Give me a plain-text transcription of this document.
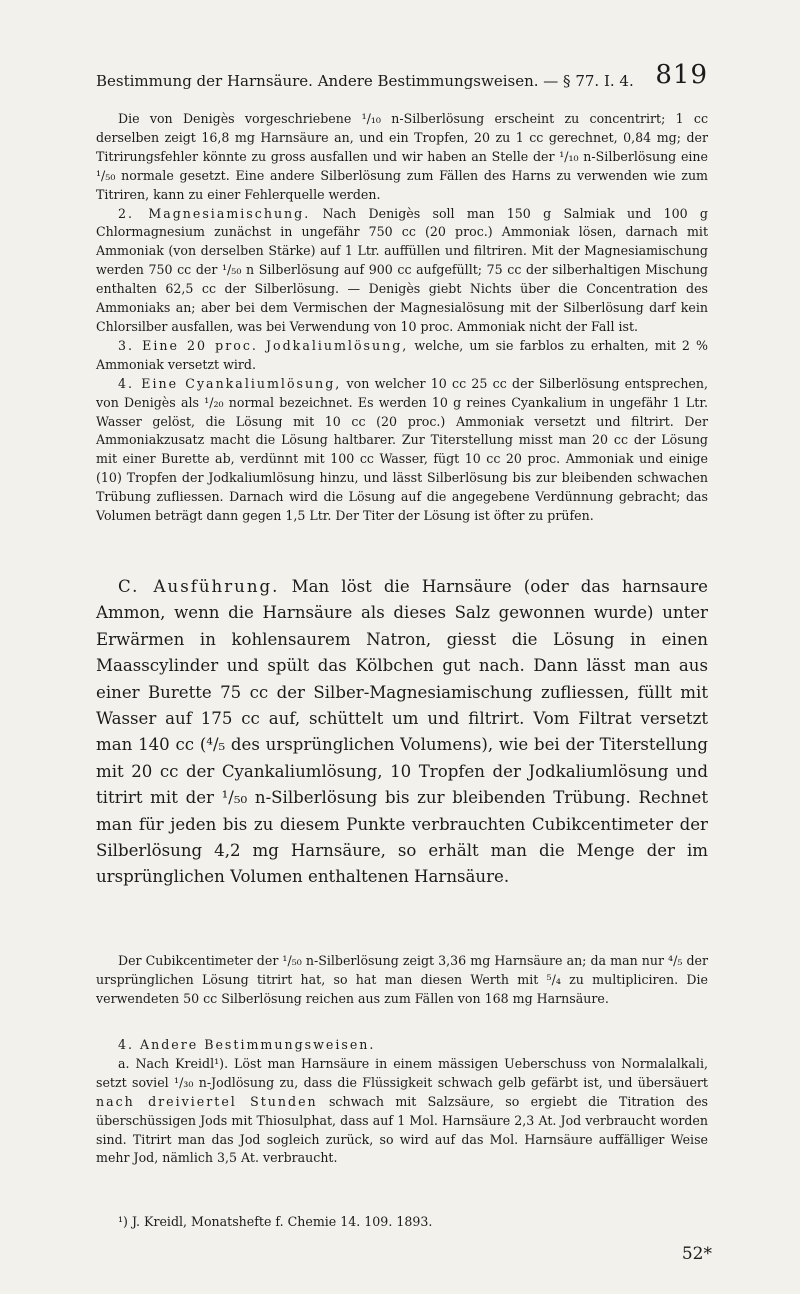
Bestimmung der Harnsäure. Andere Bestimmungsweisen. — § 77. I. 4. 819

Die von Denigès vorgeschriebene ¹/₁₀ n-Silberlösung erscheint zu concentrirt; 1 cc derselben zeigt 16,8 mg Harnsäure an, und ein Tropfen, 20 zu 1 cc gerechnet, 0,84 mg; der Titrirungsfehler könnte zu gross ausfallen und wir haben an Stelle der ¹/₁₀ n-Silberlösung eine ¹/₅₀ normale gesetzt. Eine andere Silberlösung zum Fällen des Harns zu verwenden wie zum Titriren, kann zu einer Fehlerquelle werden.

2. Magnesiamischung. Nach Denigès soll man 150 g Salmiak und 100 g Chlormagnesium zunächst in ungefähr 750 cc (20 proc.) Ammoniak lösen, darnach mit Ammoniak (von derselben Stärke) auf 1 Ltr. auffüllen und filtriren. Mit der Magnesiamischung werden 750 cc der ¹/₅₀ n Silberlösung auf 900 cc aufgefüllt; 75 cc der silberhaltigen Mischung enthalten 62,5 cc der Silberlösung. — Denigès giebt Nichts über die Concentration des Ammoniaks an; aber bei dem Vermischen der Magnesialösung mit der Silberlösung darf kein Chlorsilber ausfallen, was bei Verwendung von 10 proc. Ammoniak nicht der Fall ist.

3. Eine 20 proc. Jodkaliumlösung, welche, um sie farblos zu erhalten, mit 2 % Ammoniak versetzt wird.

4. Eine Cyankaliumlösung, von welcher 10 cc 25 cc der Silberlösung entsprechen, von Denigès als ¹/₂₀ normal bezeichnet. Es werden 10 g reines Cyankalium in ungefähr 1 Ltr. Wasser gelöst, die Lösung mit 10 cc (20 proc.) Ammoniak versetzt und filtrirt. Der Ammoniakzusatz macht die Lösung haltbarer. Zur Titerstellung misst man 20 cc der Lösung mit einer Burette ab, verdünnt mit 100 cc Wasser, fügt 10 cc 20 proc. Ammoniak und einige (10) Tropfen der Jodkaliumlösung hinzu, und lässt Silberlösung bis zur bleibenden schwachen Trübung zufliessen. Darnach wird die Lösung auf die angegebene Verdünnung gebracht; das Volumen beträgt dann gegen 1,5 Ltr. Der Titer der Lösung ist öfter zu prüfen.

C. Ausführung. Man löst die Harnsäure (oder das harnsaure Ammon, wenn die Harnsäure als dieses Salz gewonnen wurde) unter Erwärmen in kohlensaurem Natron, giesst die Lösung in einen Maasscylinder und spült das Kölbchen gut nach. Dann lässt man aus einer Burette 75 cc der Silber-Magnesiamischung zufliessen, füllt mit Wasser auf 175 cc auf, schüttelt um und filtrirt. Vom Filtrat versetzt man 140 cc (⁴/₅ des ursprünglichen Volumens), wie bei der Titerstellung mit 20 cc der Cyankaliumlösung, 10 Tropfen der Jodkaliumlösung und titrirt mit der ¹/₅₀ n-Silberlösung bis zur bleibenden Trübung. Rechnet man für jeden bis zu diesem Punkte verbrauchten Cubikcentimeter der Silberlösung 4,2 mg Harnsäure, so erhält man die Menge der im ursprünglichen Volumen enthaltenen Harnsäure.

Der Cubikcentimeter der ¹/₅₀ n-Silberlösung zeigt 3,36 mg Harnsäure an; da man nur ⁴/₅ der ursprünglichen Lösung titrirt hat, so hat man diesen Werth mit ⁵/₄ zu multipliciren. Die verwendeten 50 cc Silberlösung reichen aus zum Fällen von 168 mg Harnsäure.

4. Andere Bestimmungsweisen.

a. Nach Kreidl¹). Löst man Harnsäure in einem mässigen Ueberschuss von Normalalkali, setzt soviel ¹/₃₀ n-Jodlösung zu, dass die Flüssigkeit schwach gelb gefärbt ist, und übersäuert nach dreiviertel Stunden schwach mit Salzsäure, so ergiebt die Titration des überschüssigen Jods mit Thiosulphat, dass auf 1 Mol. Harnsäure 2,3 At. Jod verbraucht worden sind. Titrirt man das Jod sogleich zurück, so wird auf das Mol. Harnsäure auffälliger Weise mehr Jod, nämlich 3,5 At. verbraucht.

¹) J. Kreidl, Monatshefte f. Chemie 14. 109. 1893.
52*
